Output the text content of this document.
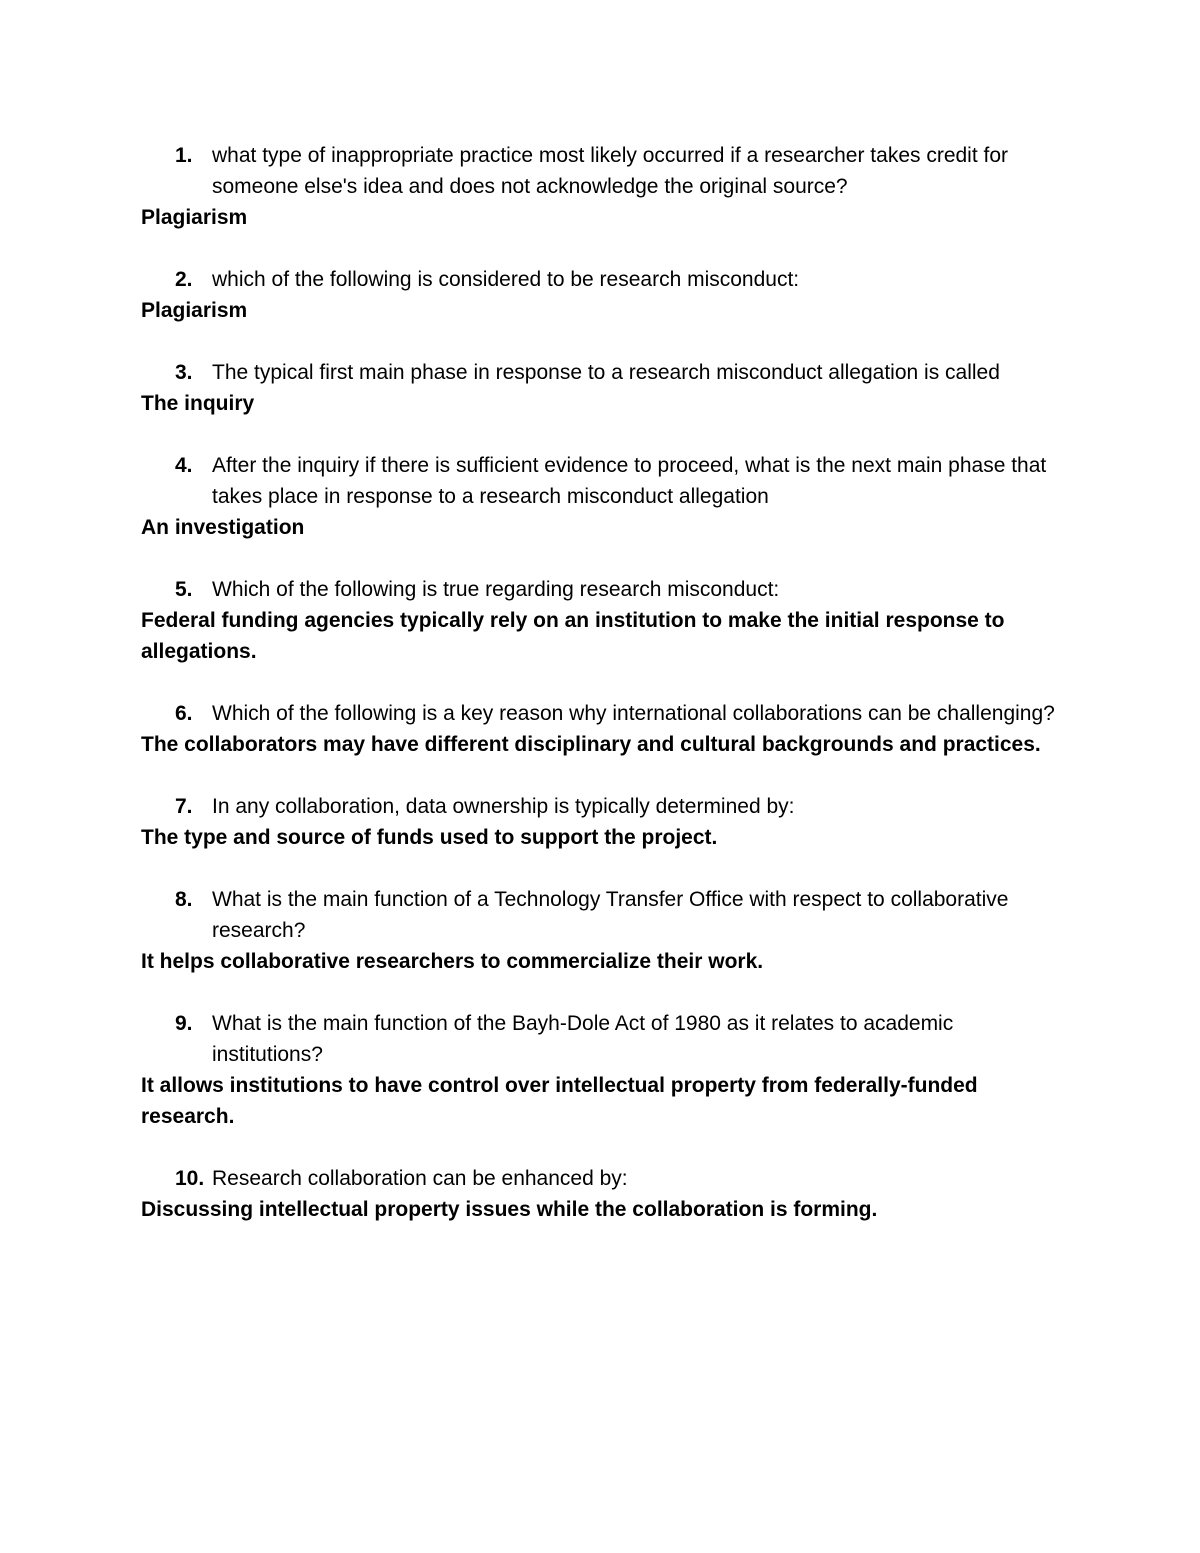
1. what type of inappropriate practice most likely occurred if a researcher takes credit for someone else's idea and does not acknowledge the original source?
Plagiarism
2. which of the following is considered to be research misconduct:
Plagiarism
3. The typical first main phase in response to a research misconduct allegation is called
The inquiry
4. After the inquiry if there is sufficient evidence to proceed, what is the next main phase that takes place in response to a research misconduct allegation
An investigation
5. Which of the following is true regarding research misconduct:
Federal funding agencies typically rely on an institution to make the initial response to allegations.
6. Which of the following is a key reason why international collaborations can be challenging?
The collaborators may have different disciplinary and cultural backgrounds and practices.
7. In any collaboration, data ownership is typically determined by:
The type and source of funds used to support the project.
8. What is the main function of a Technology Transfer Office with respect to collaborative research?
It helps collaborative researchers to commercialize their work.
9. What is the main function of the Bayh-Dole Act of 1980 as it relates to academic institutions?
It allows institutions to have control over intellectual property from federally-funded research.
10. Research collaboration can be enhanced by:
Discussing intellectual property issues while the collaboration is forming.
